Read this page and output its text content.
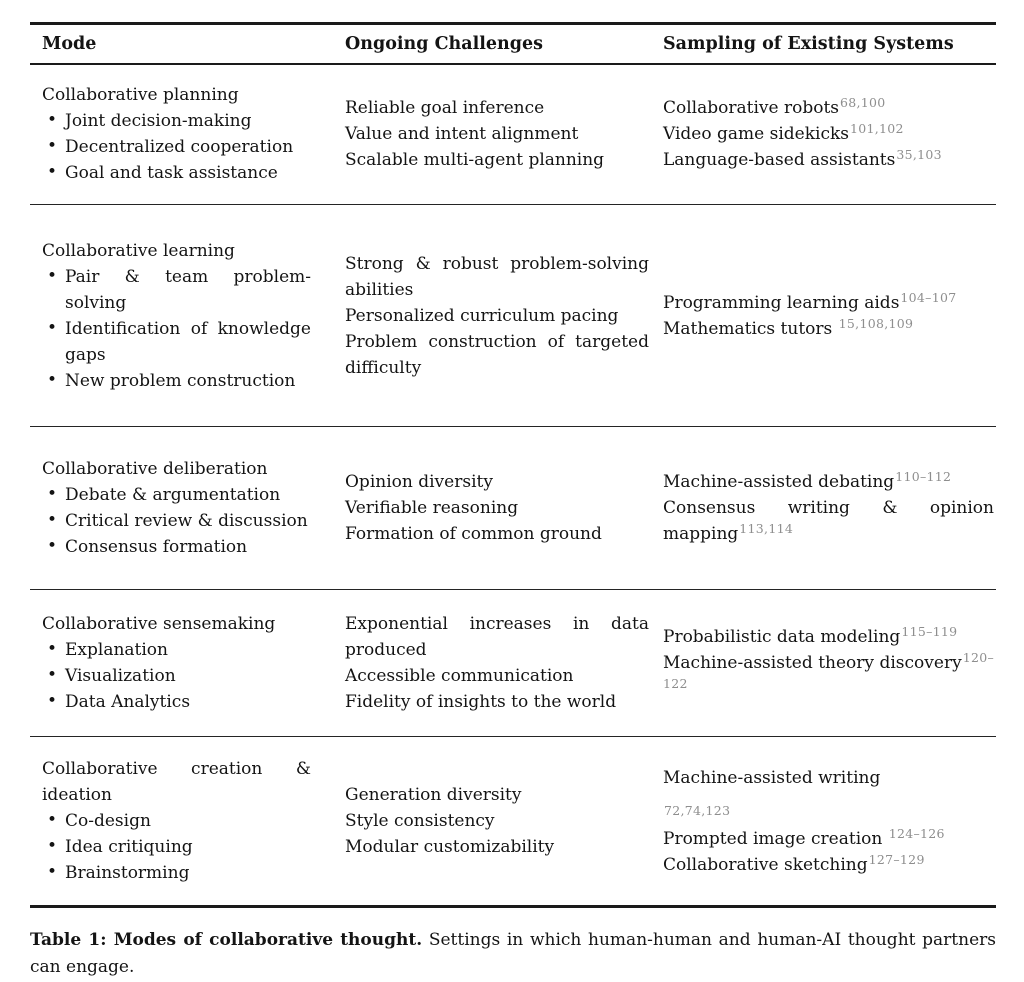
Mode	Ongoing Challenges	Sampling of Existing Systems

Collaborative planning
• Joint decision-making
• Decentralized cooperation
• Goal and task assistance

Reliable goal inference
Value and intent alignment
Scalable multi-agent planning

Collaborative robots$^{68,100}$
Video game sidekicks$^{101,102}$
Language-based assistants$^{35,103}$

Collaborative learning
• Pair & team problem-solving
• Identification of knowledge gaps
• New problem construction

Strong & robust problem-solving abilities
Personalized curriculum pacing
Problem construction of targeted difficulty

Programming learning aids$^{104-107}$
Mathematics tutors $^{15,108,109}$

Collaborative deliberation
• Debate & argumentation
• Critical review & discussion
• Consensus formation

Opinion diversity
Verifiable reasoning
Formation of common ground

Machine-assisted debating$^{110-112}$
Consensus writing & opinion mapping$^{113,114}$

Collaborative sensemaking
• Explanation
• Visualization
• Data Analytics

Exponential increases in data produced
Accessible communication
Fidelity of insights to the world

Probabilistic data modeling$^{115-119}$
Machine-assisted theory discovery$^{120-122}$

Collaborative creation & ideation
• Co-design
• Idea critiquing
• Brainstorming

Generation diversity
Style consistency
Modular customizability

Machine-assisted writing
72,74,123
Prompted image creation $^{124-126}$
Collaborative sketching$^{127-129}$

Table 1: Modes of collaborative thought. Settings in which human-human and human-AI thought partners can engage.
